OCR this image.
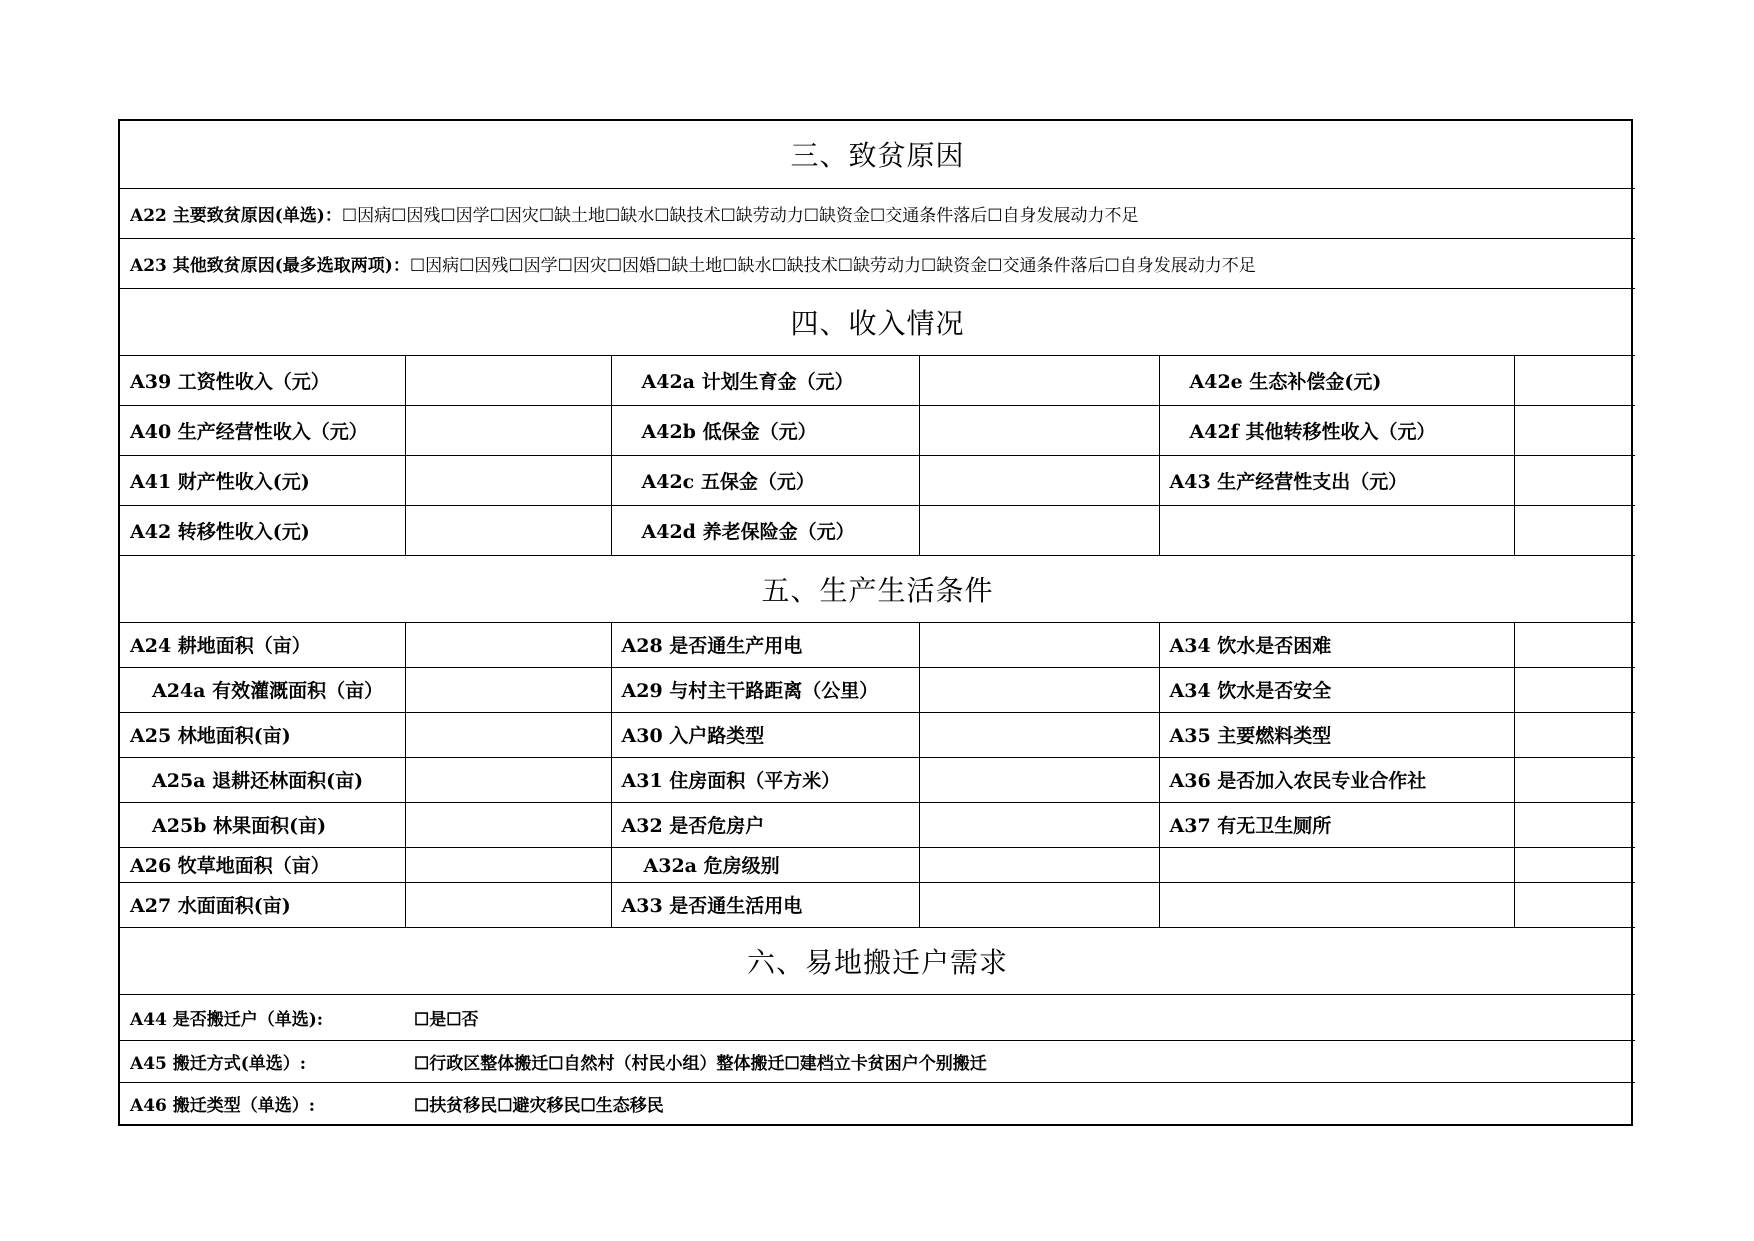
三、致贫原因					
A22 主要致贫原因(单选)：☐因病☐因残☐因学☐因灾☐缺土地☐缺水☐缺技术☐缺劳动力☐缺资金☐交通条件落后☐自身发展动力不足					
A23 其他致贫原因(最多选取两项)：☐因病☐因残☐因学☐因灾☐因婚☐缺土地☐缺水☐缺技术☐缺劳动力☐缺资金☐交通条件落后☐自身发展动力不足					
四、收入情况					
A39 工资性收入（元）		A42a 计划生育金（元）		A42e 生态补偿金(元)	
A40 生产经营性收入（元）		A42b 低保金（元）		A42f 其他转移性收入（元）	
A41 财产性收入(元)		A42c 五保金（元）		A43 生产经营性支出（元）	
A42 转移性收入(元)		A42d 养老保险金（元）			
五、生产生活条件					
A24 耕地面积（亩）		A28 是否通生产用电		A34 饮水是否困难	
A24a 有效灌溉面积（亩）		A29 与村主干路距离（公里）		A34 饮水是否安全	
A25 林地面积(亩)		A30 入户路类型		A35 主要燃料类型	
A25a 退耕还林面积(亩)		A31 住房面积（平方米）		A36 是否加入农民专业合作社	
A25b 林果面积(亩)		A32 是否危房户		A37 有无卫生厕所	
A26 牧草地面积（亩）		A32a 危房级别			
A27 水面面积(亩)		A33 是否通生活用电			
六、易地搬迁户需求					
A44 是否搬迁户（单选): ☐是☐否					
A45 搬迁方式(单选）: ☐行政区整体搬迁☐自然村（村民小组）整体搬迁☐建档立卡贫困户个别搬迁					
A46 搬迁类型（单选）: ☐扶贫移民☐避灾移民☐生态移民					
